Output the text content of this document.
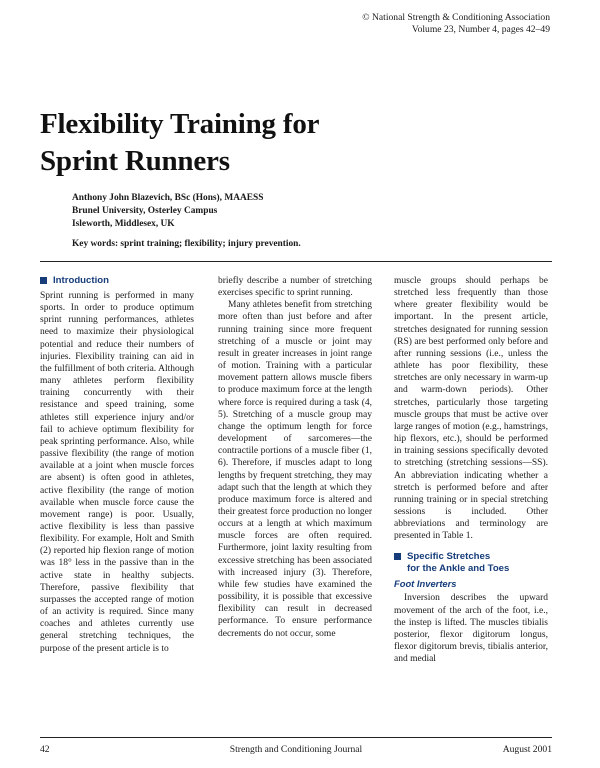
© National Strength & Conditioning Association
Volume 23, Number 4, pages 42–49
Flexibility Training for
Sprint Runners
Anthony John Blazevich, BSc (Hons), MAAESS
Brunel University, Osterley Campus
Isleworth, Middlesex, UK
Key words: sprint training; flexibility; injury prevention.
Introduction

Sprint running is performed in many sports. In order to produce optimum sprint running performances, athletes need to maximize their physiological potential and reduce their numbers of injuries. Flexibility training can aid in the fulfillment of both criteria. Although many athletes perform flexibility training concurrently with their resistance and speed training, some athletes still experience injury and/or fail to achieve optimum flexibility for peak sprinting performance. Also, while passive flexibility (the range of motion available at a joint when muscle forces are absent) is often good in athletes, active flexibility (the range of motion available when muscle force cause the movement range) is poor. Usually, active flexibility is less than passive flexibility. For example, Holt and Smith (2) reported hip flexion range of motion was 18° less in the passive than in the active state in healthy subjects. Therefore, passive flexibility that surpasses the accepted range of motion of an activity is required. Since many coaches and athletes currently use general stretching techniques, the purpose of the present article is to

briefly describe a number of stretching exercises specific to sprint running.

Many athletes benefit from stretching more often than just before and after running training since more frequent stretching of a muscle or joint may result in greater increases in joint range of motion. Training with a particular movement pattern allows muscle fibers to produce maximum force at the length where force is required during a task (4, 5). Stretching of a muscle group may change the optimum length for force development of sarcomeres—the contractile portions of a muscle fiber (1, 6). Therefore, if muscles adapt to long lengths by frequent stretching, they may adapt such that the length at which they produce maximum force is altered and their greatest force production no longer occurs at a length at which maximum muscle forces are often required. Furthermore, joint laxity resulting from excessive stretching has been associated with increased injury (3). Therefore, while few studies have examined the possibility, it is possible that excessive flexibility can result in decreased performance. To ensure performance decrements do not occur, some

muscle groups should perhaps be stretched less frequently than those where greater flexibility would be important. In the present article, stretches designated for running session (RS) are best performed only before and after running sessions (i.e., unless the athlete has poor flexibility, these stretches are only necessary in warm-up and warm-down periods). Other stretches, particularly those targeting muscle groups that must be active over large ranges of motion (e.g., hamstrings, hip flexors, etc.), should be performed in training sessions specifically devoted to stretching (stretching sessions—SS). An abbreviation indicating whether a stretch is performed before and after running training or in special stretching sessions is included. Other abbreviations and terminology are presented in Table 1.

Specific Stretches
for the Ankle and Toes
Foot Inverters

Inversion describes the upward movement of the arch of the foot, i.e., the instep is lifted. The muscles tibialis posterior, flexor digitorum longus, flexor digitorum brevis, tibialis anterior, and medial

Strength and Conditioning Journal
42	August 2001
